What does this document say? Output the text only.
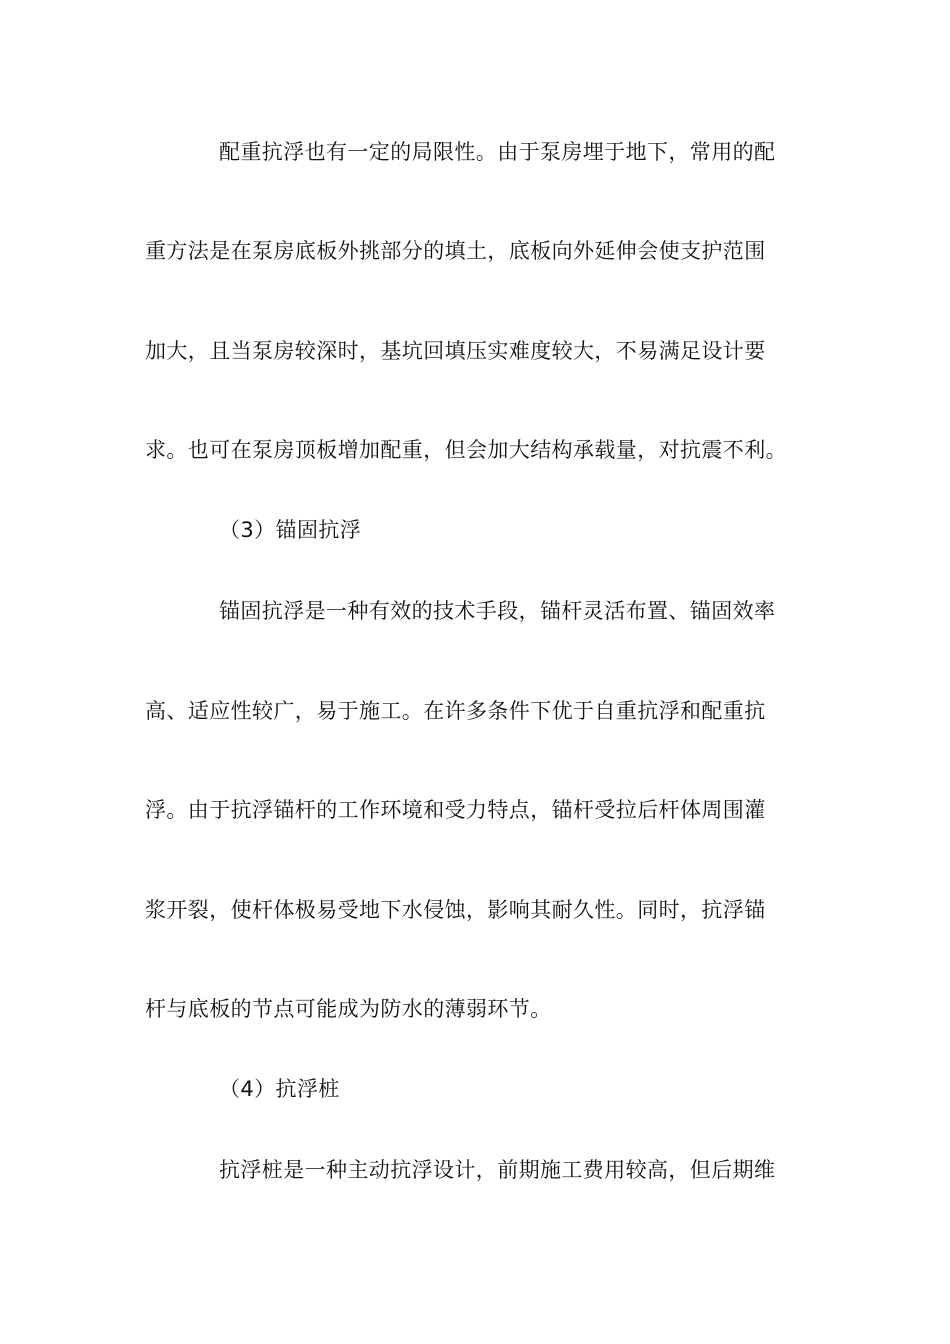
配重抗浮也有一定的局限性。由于泵房埋于地下，常用的配
重方法是在泵房底板外挑部分的填土，底板向外延伸会使支护范围
加大，且当泵房较深时，基坑回填压实难度较大，不易满足设计要
求。也可在泵房顶板增加配重，但会加大结构承载量，对抗震不利。
（3）锚固抗浮
锚固抗浮是一种有效的技术手段，锚杆灵活布置、锚固效率
高、适应性较广，易于施工。在许多条件下优于自重抗浮和配重抗
浮。由于抗浮锚杆的工作环境和受力特点，锚杆受拉后杆体周围灌
浆开裂，使杆体极易受地下水侵蚀，影响其耐久性。同时，抗浮锚
杆与底板的节点可能成为防水的薄弱环节。
（4）抗浮桩
抗浮桩是一种主动抗浮设计，前期施工费用较高，但后期维
